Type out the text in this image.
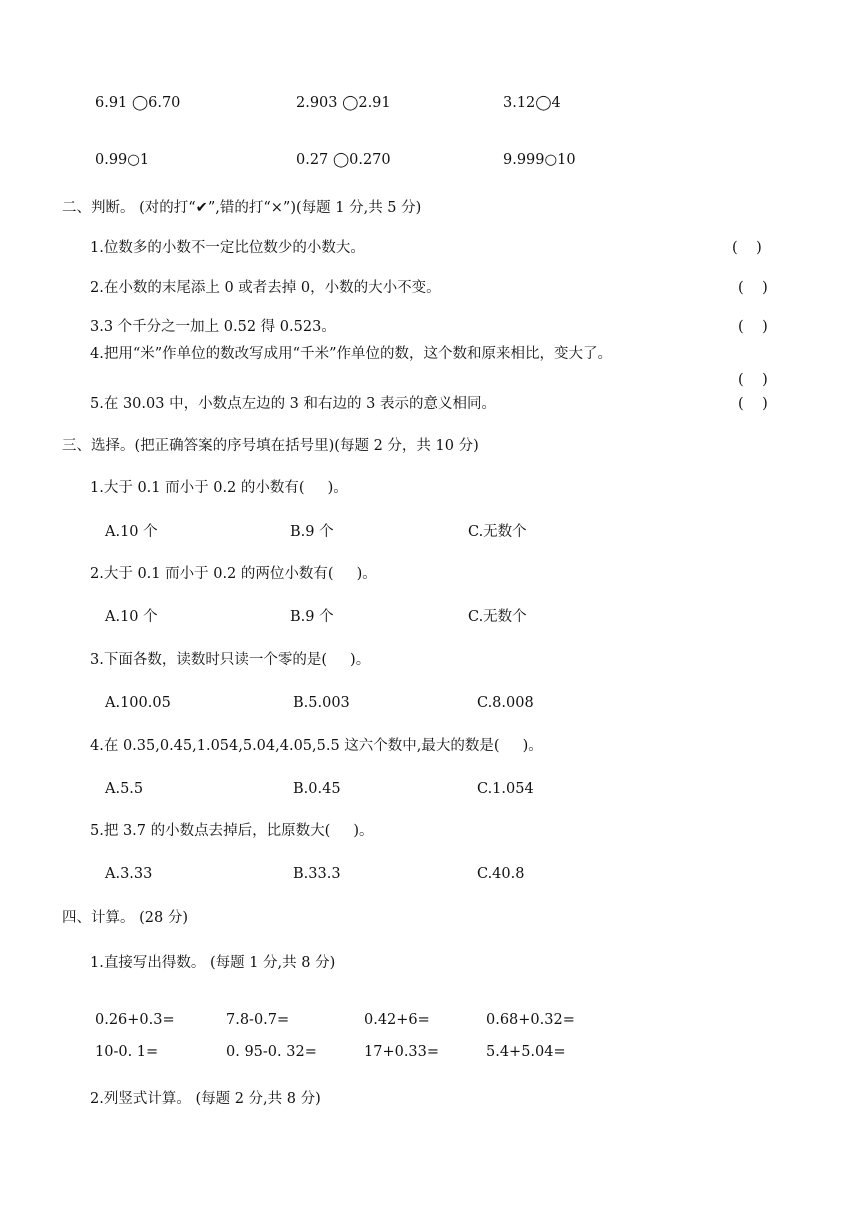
6.91 ◯6.70	2.903 ◯2.91	3.12◯4
0.99○1	0.27 ◯0.270	9.999○10
二、判断。 (对的打“✔”,错的打“×”)(每题 1 分,共 5 分)
1.位数多的小数不一定比位数少的小数大。	(    )
2.在小数的末尾添上 0 或者去掉 0，小数的大小不变。	(    )
3.3 个千分之一加上 0.52 得 0.523。	(    )
4.把用“米”作单位的数改写成用“千米”作单位的数，这个数和原来相比，变大了。
(    )
5.在 30.03 中，小数点左边的 3 和右边的 3 表示的意义相同。	(    )
三、选择。(把正确答案的序号填在括号里)(每题 2 分，共 10 分)
1.大于 0.1 而小于 0.2 的小数有(     )。
A.10 个	B.9 个	C.无数个
2.大于 0.1 而小于 0.2 的两位小数有(     )。
A.10 个	B.9 个	C.无数个
3.下面各数，读数时只读一个零的是(     )。
A.100.05	B.5.003	C.8.008
4.在 0.35,0.45,1.054,5.04,4.05,5.5 这六个数中,最大的数是(     )。
A.5.5	B.0.45	C.1.054
5.把 3.7 的小数点去掉后，比原数大(     )。
A.3.33	B.33.3	C.40.8
四、计算。 (28 分)
1.直接写出得数。 (每题 1 分,共 8 分)
0.26+0.3=	7.8-0.7=	0.42+6=	0.68+0.32=
10-0. 1=	0. 95-0. 32=	17+0.33=	5.4+5.04=
2.列竖式计算。 (每题 2 分,共 8 分)
